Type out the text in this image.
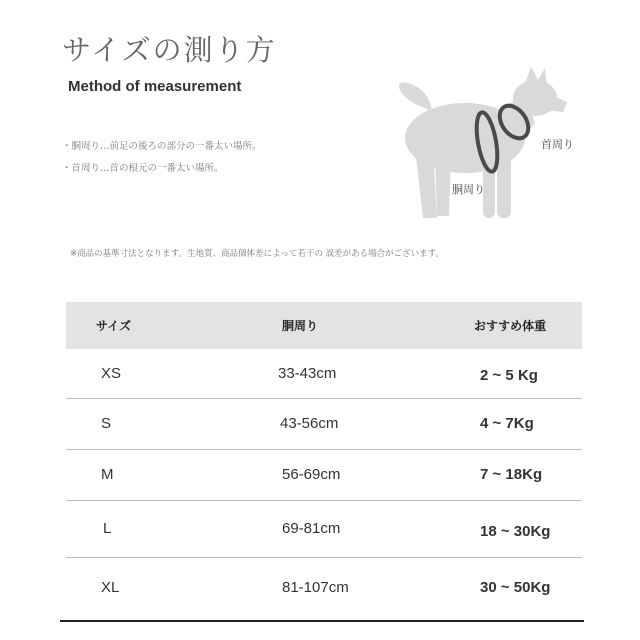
サイズの測り方
Method of measurement

・胴周り…前足の後ろの部分の一番太い場所。

・首周り…首の根元の一番太い場所。

首周り
胴周り

※商品の基準寸法となります。生地質、商品個体差によって若干の 誤差がある場合がございます。

サイズ	胴周り	おすすめ体重
XS	33-43cm	2 ~ 5 Kg
S	43-56cm	4 ~ 7Kg
M	56-69cm	7 ~ 18Kg
L	69-81cm	18 ~ 30Kg
XL	81-107cm	30 ~ 50Kg
